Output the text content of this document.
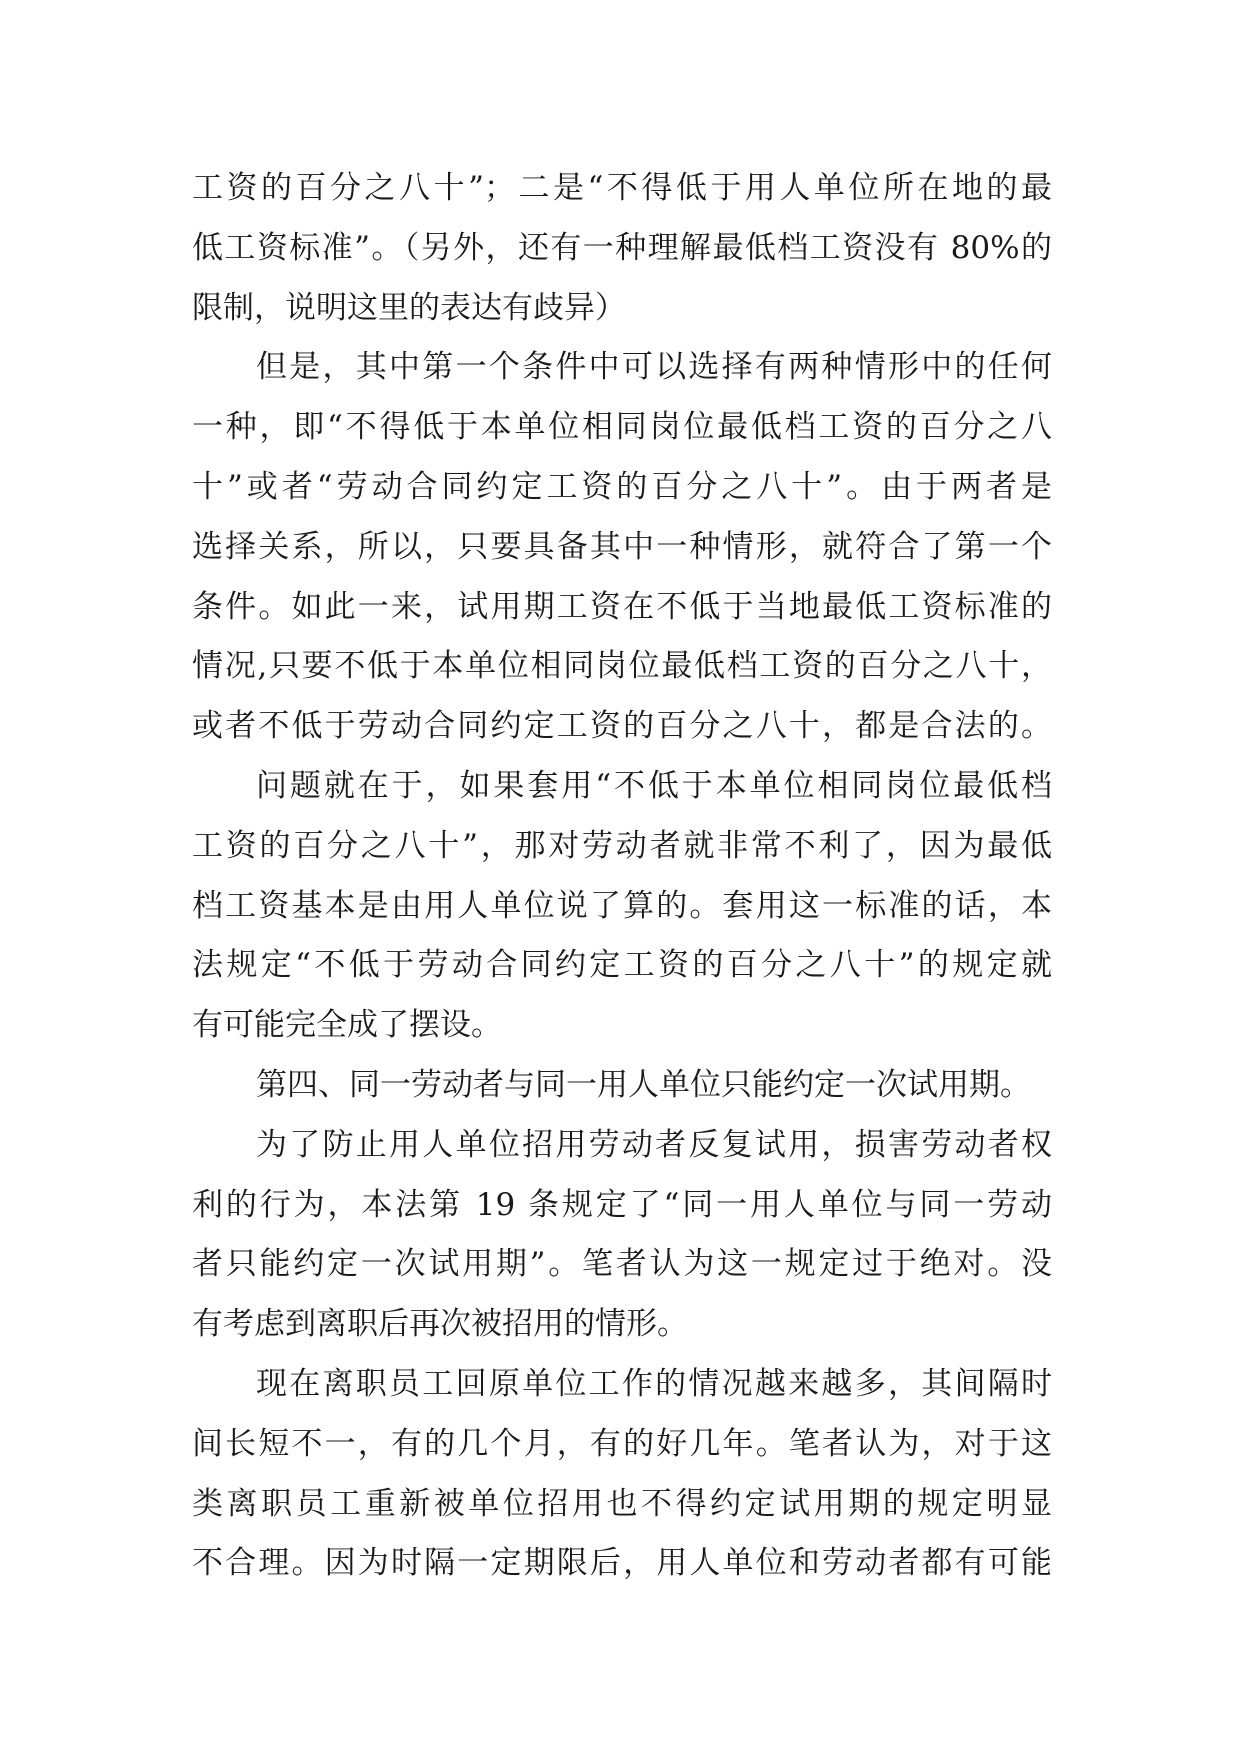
工资的百分之八十”；二是“不得低于用人单位所在地的最
低工资标准”。（另外，还有一种理解最低档工资没有 80%的
限制，说明这里的表达有歧异）
但是，其中第一个条件中可以选择有两种情形中的任何
一种，即“不得低于本单位相同岗位最低档工资的百分之八
十”或者“劳动合同约定工资的百分之八十”。由于两者是
选择关系，所以，只要具备其中一种情形，就符合了第一个
条件。如此一来，试用期工资在不低于当地最低工资标准的
情况,只要不低于本单位相同岗位最低档工资的百分之八十，
或者不低于劳动合同约定工资的百分之八十，都是合法的。
问题就在于，如果套用“不低于本单位相同岗位最低档
工资的百分之八十”，那对劳动者就非常不利了，因为最低
档工资基本是由用人单位说了算的。套用这一标准的话，本
法规定“不低于劳动合同约定工资的百分之八十”的规定就
有可能完全成了摆设。
第四、同一劳动者与同一用人单位只能约定一次试用期。
为了防止用人单位招用劳动者反复试用，损害劳动者权
利的行为，本法第 19 条规定了“同一用人单位与同一劳动
者只能约定一次试用期”。笔者认为这一规定过于绝对。没
有考虑到离职后再次被招用的情形。
现在离职员工回原单位工作的情况越来越多，其间隔时
间长短不一，有的几个月，有的好几年。笔者认为，对于这
类离职员工重新被单位招用也不得约定试用期的规定明显
不合理。因为时隔一定期限后，用人单位和劳动者都有可能
